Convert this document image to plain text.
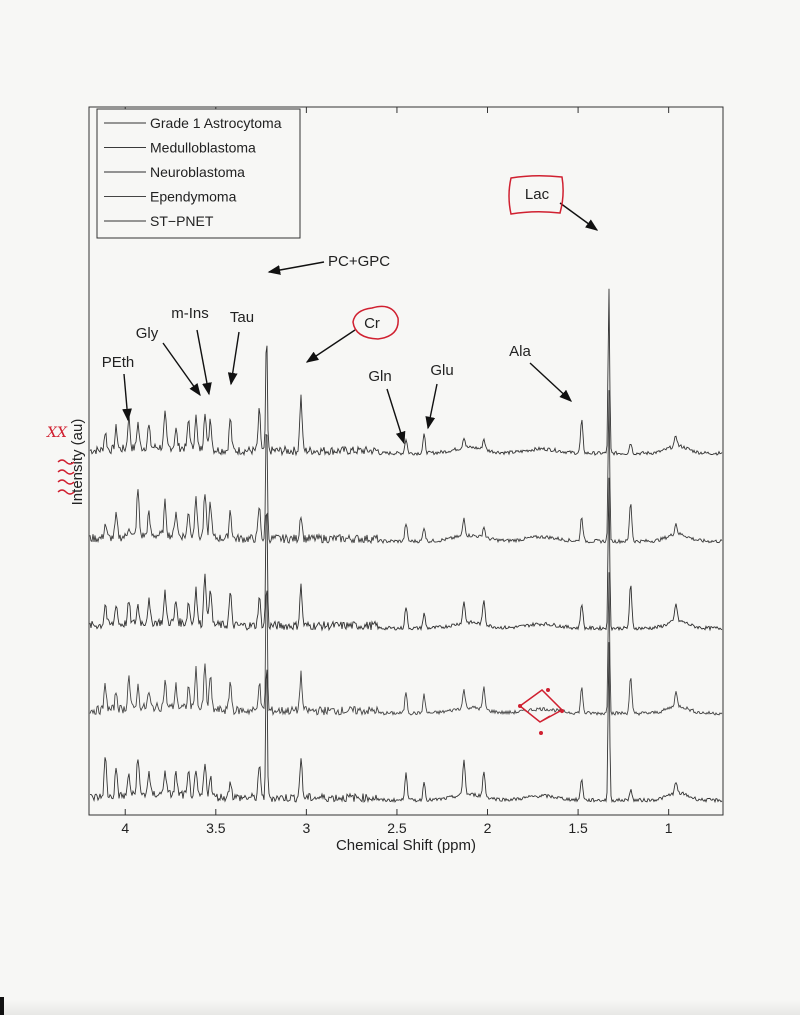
4	3.5	3	2.5	2	1.5	1
PEth
Gly
m-Ins Tau
PC+GPC
Cr
Gln	Glu
Ala
Lac
Grade 1 Astrocytoma
Medulloblastoma
Neuroblastoma
Ependymoma
ST−PNET
Chemical Shift (ppm)
Intensity (au)
XX
